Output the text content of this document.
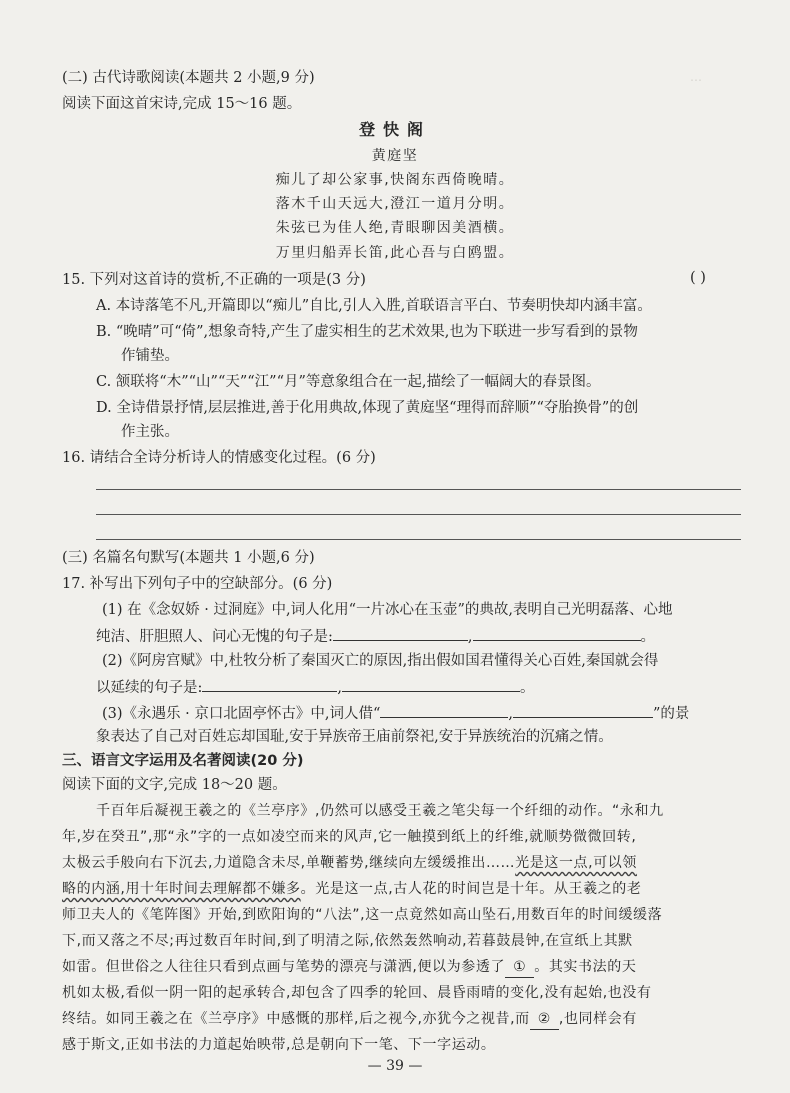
…
(二) 古代诗歌阅读(本题共 2 小题,9 分)
阅读下面这首宋诗,完成 15～16 题。
登快阁
黄庭坚
痴儿了却公家事,快阁东西倚晚晴。
落木千山天远大,澄江一道月分明。
朱弦已为佳人绝,青眼聊因美酒横。
万里归船弄长笛,此心吾与白鸥盟。
15. 下列对这首诗的赏析,不正确的一项是(3 分)	( )
A. 本诗落笔不凡,开篇即以“痴儿”自比,引人入胜,首联语言平白、节奏明快却内涵丰富。
B. “晚晴”可“倚”,想象奇特,产生了虚实相生的艺术效果,也为下联进一步写看到的景物
作铺垫。
C. 颔联将“木”“山”“天”“江”“月”等意象组合在一起,描绘了一幅阔大的春景图。
D. 全诗借景抒情,层层推进,善于化用典故,体现了黄庭坚“理得而辞顺”“夺胎换骨”的创
作主张。
16. 请结合全诗分析诗人的情感变化过程。(6 分)
(三) 名篇名句默写(本题共 1 小题,6 分)
17. 补写出下列句子中的空缺部分。(6 分)
(1) 在《念奴娇 · 过洞庭》中,词人化用“一片冰心在玉壶”的典故,表明自己光明磊落、心地
纯洁、肝胆照人、问心无愧的句子是:	,	。
(2)《阿房宫赋》中,杜牧分析了秦国灭亡的原因,指出假如国君懂得关心百姓,秦国就会得
以延续的句子是:	,	。
(3)《永遇乐 · 京口北固亭怀古》中,词人借“	,	”的景
象表达了自己对百姓忘却国耻,安于异族帝王庙前祭祀,安于异族统治的沉痛之情。
三、语言文字运用及名著阅读(20 分)
阅读下面的文字,完成 18～20 题。
千百年后凝视王羲之的《兰亭序》,仍然可以感受王羲之笔尖每一个纤细的动作。“永和九
年,岁在癸丑”,那“永”字的一点如凌空而来的风声,它一触摸到纸上的纤维,就顺势微微回转,
太极云手般向右下沉去,力道隐含未尽,单鞭蓄势,继续向左缓缓推出……光是这一点,可以领
略的内涵,用十年时间去理解都不嫌多。光是这一点,古人花的时间岂是十年。从王羲之的老
师卫夫人的《笔阵图》开始,到欧阳询的“八法”,这一点竟然如高山坠石,用数百年的时间缓缓落
下,而又落之不尽;再过数百年时间,到了明清之际,依然轰然响动,若暮鼓晨钟,在宣纸上其默
如雷。但世俗之人往往只看到点画与笔势的漂亮与潇洒,便以为参透了 ① 。其实书法的天
机如太极,看似一阴一阳的起承转合,却包含了四季的轮回、晨昏雨晴的变化,没有起始,也没有
终结。如同王羲之在《兰亭序》中感慨的那样,后之视今,亦犹今之视昔,而 ② ,也同样会有
感于斯文,正如书法的力道起始映带,总是朝向下一笔、下一字运动。
— 39 —
